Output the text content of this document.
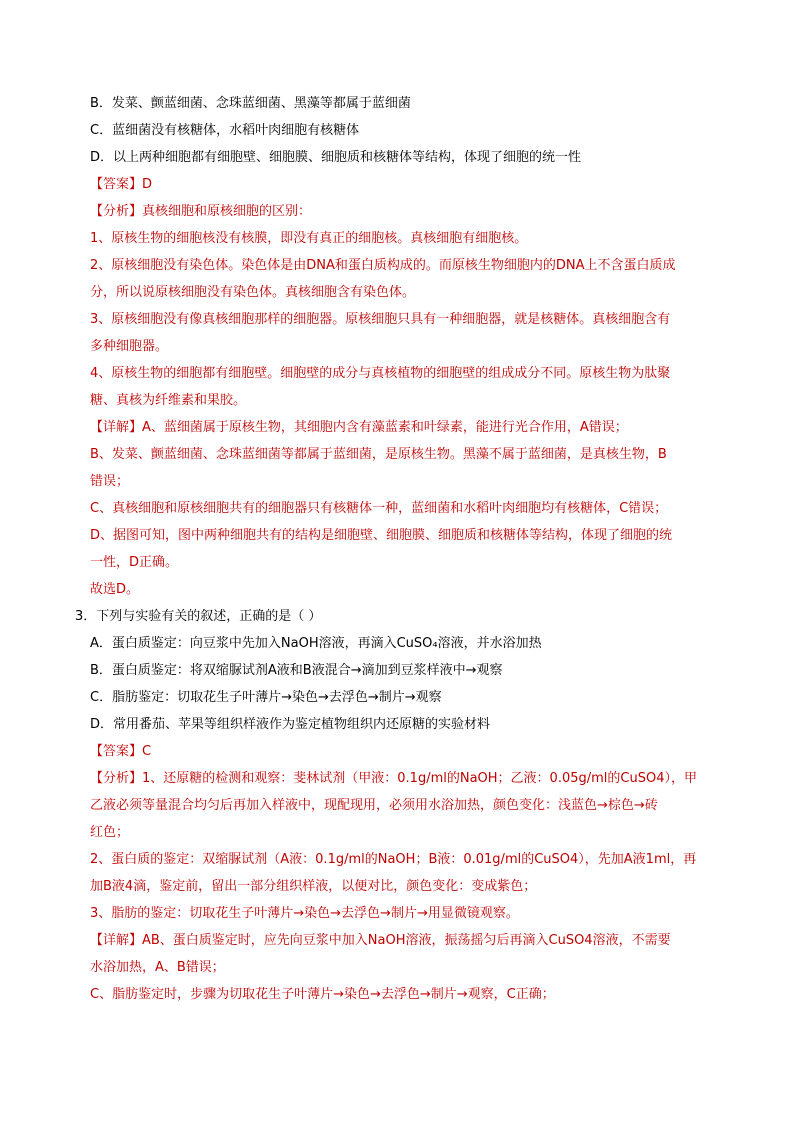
B．发菜、颤蓝细菌、念珠蓝细菌、黑藻等都属于蓝细菌
C．蓝细菌没有核糖体，水稻叶肉细胞有核糖体
D．以上两种细胞都有细胞壁、细胞膜、细胞质和核糖体等结构，体现了细胞的统一性
【答案】D
【分析】真核细胞和原核细胞的区别：
1、原核生物的细胞核没有核膜，即没有真正的细胞核。真核细胞有细胞核。
2、原核细胞没有染色体。染色体是由DNA和蛋白质构成的。而原核生物细胞内的DNA上不含蛋白质成
分，所以说原核细胞没有染色体。真核细胞含有染色体。
3、原核细胞没有像真核细胞那样的细胞器。原核细胞只具有一种细胞器，就是核糖体。真核细胞含有
多种细胞器。
4、原核生物的细胞都有细胞壁。细胞壁的成分与真核植物的细胞壁的组成成分不同。原核生物为肽聚
糖、真核为纤维素和果胶。
【详解】A、蓝细菌属于原核生物，其细胞内含有藻蓝素和叶绿素，能进行光合作用，A错误；
B、发菜、颤蓝细菌、念珠蓝细菌等都属于蓝细菌，是原核生物。黑藻不属于蓝细菌，是真核生物，B
错误；
C、真核细胞和原核细胞共有的细胞器只有核糖体一种，蓝细菌和水稻叶肉细胞均有核糖体，C错误；
D、据图可知，图中两种细胞共有的结构是细胞壁、细胞膜、细胞质和核糖体等结构，体现了细胞的统
一性，D正确。
故选D。
3．下列与实验有关的叙述，正确的是（ ）
A．蛋白质鉴定：向豆浆中先加入NaOH溶液，再滴入CuSO₄溶液，并水浴加热
B．蛋白质鉴定：将双缩脲试剂A液和B液混合→滴加到豆浆样液中→观察
C．脂肪鉴定：切取花生子叶薄片→染色→去浮色→制片→观察
D．常用番茄、苹果等组织样液作为鉴定植物组织内还原糖的实验材料
【答案】C
【分析】1、还原糖的检测和观察：斐林试剂（甲液：0.1g/ml的NaOH；乙液：0.05g/ml的CuSO4），甲
乙液必须等量混合均匀后再加入样液中，现配现用，必须用水浴加热，颜色变化：浅蓝色→棕色→砖
红色；
2、蛋白质的鉴定：双缩脲试剂（A液：0.1g/ml的NaOH；B液：0.01g/ml的CuSO4），先加A液1ml，再
加B液4滴，鉴定前，留出一部分组织样液，以便对比，颜色变化：变成紫色；
3、脂肪的鉴定：切取花生子叶薄片→染色→去浮色→制片→用显微镜观察。
【详解】AB、蛋白质鉴定时，应先向豆浆中加入NaOH溶液，振荡摇匀后再滴入CuSO4溶液，不需要
水浴加热，A、B错误；
C、脂肪鉴定时，步骤为切取花生子叶薄片→染色→去浮色→制片→观察，C正确；
